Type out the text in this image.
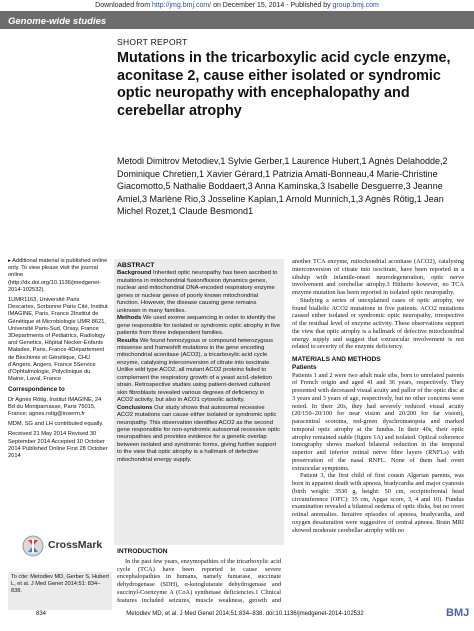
Downloaded from http://jmg.bmj.com/ on December 15, 2014 - Published by group.bmj.com
Genome-wide studies
SHORT REPORT
Mutations in the tricarboxylic acid cycle enzyme, aconitase 2, cause either isolated or syndromic optic neuropathy with encephalopathy and cerebellar atrophy
Metodi Dimitrov Metodiev,1 Sylvie Gerber,1 Laurence Hubert,1 Agnès Delahodde,2 Dominique Chretien,1 Xavier Gérard,1 Patrizia Amati-Bonneau,4 Marie-Christine Giacomotto,5 Nathalie Boddaert,3 Anna Kaminska,3 Isabelle Desguerre,3 Jeanne Amiel,3 Marlène Rio,3 Josseline Kaplan,1 Arnold Munnich,1,3 Agnès Rötig,1 Jean Michel Rozet,1 Claude Besmond1

▸ Additional material is published online only. To view please visit the journal online (http://dx.doi.org/10.1136/jmedgenet-2014-102532).

1UMR1163, Université Paris Descartes, Sorbonne Paris Cité, Institut IMAGINE, Paris, France 2Institut de Génétique et Microbiologie UMR 8621, Université Paris-Sud, Orsay, France 3Departments of Pediatrics, Radiology and Genetics, Hôpital Necker-Enfants Malades, Paris, France 4Département de Biochimie et Génétique, CHU d'Angers, Angers, France 5Service d'Ophtalmologie, Polyclinique du Maine, Laval, France

Correspondence to

Dr Agnès Rötig, Institut IMAGINE, 24 Bd du Montparnasse, Paris 75015, France; agnes.rotig@inserm.fr

MDM, SG and LH contributed equally.

Received 21 May 2014 Revised 30 September 2014 Accepted 10 October 2014 Published Online First 28 October 2014

ABSTRACT

Background Inherited optic neuropathy has been ascribed to mutations in mitochondrial fusion/fission dynamics genes, nuclear and mitochondrial DNA-encoded respiratory enzyme genes or nuclear genes of poorly known mitochondrial function. However, the disease causing gene remains unknown in many families.

Methods We used exome sequencing in order to identify the gene responsible for isolated or syndromic optic atrophy in five patients from three independent families.

Results We found homozygous or compound heterozygous missense and frameshift mutations in the gene encoding mitochondrial aconitase (ACO2), a tricarboxylic acid cycle enzyme, catalysing interconversion of citrate into isocitrate. Unlike wild type ACO2, all mutant ACO2 proteins failed to complement the respiratory growth of a yeast aco1-deletion strain. Retrospective studies using patient-derived cultured skin fibroblasts revealed various degrees of deficiency in ACO2 activity, but also in ACO1 cytosolic activity.

Conclusions Our study shows that autosomal recessive ACO2 mutations can cause either isolated or syndromic optic neuropathy. This observation identifies ACO2 as the second gene responsible for non-syndromic autosomal recessive optic neuropathies and provides evidence for a genetic overlap between isolated and syndromic forms, giving further support to the view that optic atrophy is a hallmark of defective mitochondrial energy supply.

INTRODUCTION

In the past few years, enzymopathies of the tricarboxylic acid cycle (TCA) have been reported to cause severe encephalopathies in humans, namely fumarase, succinate dehydrogenase (SDH), α-ketoglutarate dehydrogenase and succinyl-Coenzyme A (CoA) synthetase deficiencies.1 Clinical features included seizures, muscle weakness, growth and

another TCA enzyme, mitochondrial aconitase (ACO2), catalysing interconversion of citrate into isocitrate, have been reported in a sibship with infantile-onset neurodegeneration, optic nerve involvement and cerebellar atrophy.3 Hitherto however, no TCA enzyme mutation has been reported in isolated optic neuropathy.

Studying a series of unexplained cases of optic atrophy, we found biallelic ACO2 mutations in five patients. ACO2 mutations caused either isolated or syndromic optic neuropathy, irrespective of the residual level of enzyme activity. These observations support the view that optic atrophy is a hallmark of defective mitochondrial energy supply and suggest that extraocular involvement is not related to severity of the enzyme deficiency.

MATERIALS AND METHODS
Patients

Patients 1 and 2 were two adult male sibs, born to unrelated parents of French origin and aged 41 and 36 years, respectively. They presented with decreased visual acuity and pallor of the optic disc at 3 years and 3 years of age, respectively, but no other concerns were noted. In their 20s, they had severely reduced visual acuity (20/150–20/100 for near vision and 20/200 for far vision), paracentral scotoma, red-green dyschromatopsia and marked temporal optic atrophy at the fundus. In their 40s, their optic atrophy remained stable (figure 1A) and isolated. Optical coherence tomography shows marked bilateral reduction in the temporal superior and inferior retinal nerve fibre layers (RNFLs) with preservation of the nasal RNFL. None of them had overt extraocular symptoms.

Patient 3, the first child of first cousin Algerian parents, was born in apparent death with apnoea, bradycardia and major cyanosis (birth weight: 3530 g, height: 50 cm, occipitofrontal head circumference (OFC): 35 cm, Apgar score, 3, 4 and 10). Fundus examination revealed a bilateral oedema of optic disks, but no overt retinal anomalies. Iterative episodes of apnoea, bradycardia, and oxygen desaturation were suggestive of central apnoea. Brain MRI showed moderate cerebellar atrophy with no

CrossMark

To cite: Metodiev MD, Gerber S, Hubert L, et al. J Med Genet 2014;51: 834–838.

834	Metodiev MD, et al. J Med Genet 2014;51:834–838. doi:10.1136/jmedgenet-2014-102532	BMJ
